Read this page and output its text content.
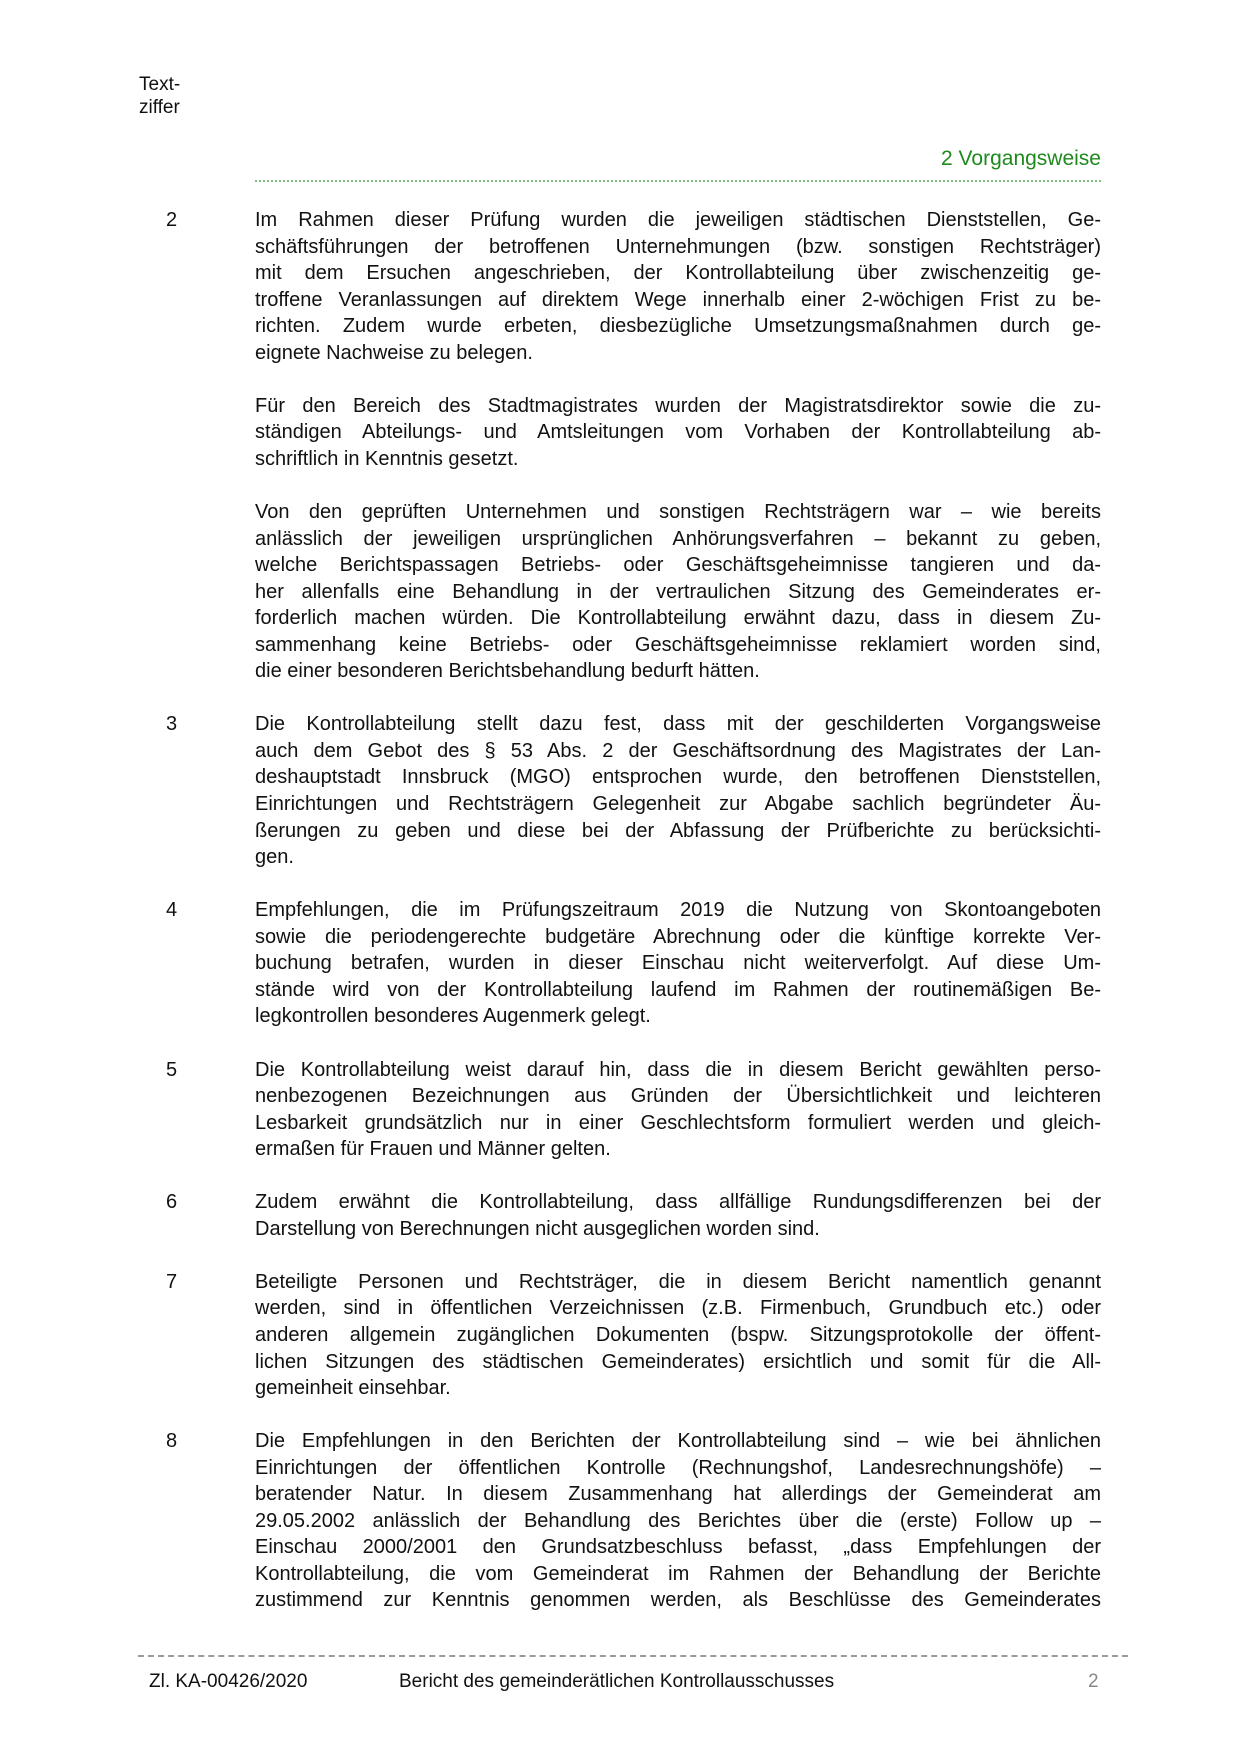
Text-
ziffer
2 Vorgangsweise
2	Im Rahmen dieser Prüfung wurden die jeweiligen städtischen Dienststellen, Ge-
schäftsführungen der betroffenen Unternehmungen (bzw. sonstigen Rechtsträger)
mit dem Ersuchen angeschrieben, der Kontrollabteilung über zwischenzeitig ge-
troffene Veranlassungen auf direktem Wege innerhalb einer 2-wöchigen Frist zu be-
richten. Zudem wurde erbeten, diesbezügliche Umsetzungsmaßnahmen durch ge-
eignete Nachweise zu belegen.
Für den Bereich des Stadtmagistrates wurden der Magistratsdirektor sowie die zu-
ständigen Abteilungs- und Amtsleitungen vom Vorhaben der Kontrollabteilung ab-
schriftlich in Kenntnis gesetzt.
Von den geprüften Unternehmen und sonstigen Rechtsträgern war – wie bereits
anlässlich der jeweiligen ursprünglichen Anhörungsverfahren – bekannt zu geben,
welche Berichtspassagen Betriebs- oder Geschäftsgeheimnisse tangieren und da-
her allenfalls eine Behandlung in der vertraulichen Sitzung des Gemeinderates er-
forderlich machen würden. Die Kontrollabteilung erwähnt dazu, dass in diesem Zu-
sammenhang keine Betriebs- oder Geschäftsgeheimnisse reklamiert worden sind,
die einer besonderen Berichtsbehandlung bedurft hätten.
3	Die Kontrollabteilung stellt dazu fest, dass mit der geschilderten Vorgangsweise
auch dem Gebot des § 53 Abs. 2 der Geschäftsordnung des Magistrates der Lan-
deshauptstadt Innsbruck (MGO) entsprochen wurde, den betroffenen Dienststellen,
Einrichtungen und Rechtsträgern Gelegenheit zur Abgabe sachlich begründeter Äu-
ßerungen zu geben und diese bei der Abfassung der Prüfberichte zu berücksichti-
gen.
4	Empfehlungen, die im Prüfungszeitraum 2019 die Nutzung von Skontoangeboten
sowie die periodengerechte budgetäre Abrechnung oder die künftige korrekte Ver-
buchung betrafen, wurden in dieser Einschau nicht weiterverfolgt. Auf diese Um-
stände wird von der Kontrollabteilung laufend im Rahmen der routinemäßigen Be-
legkontrollen besonderes Augenmerk gelegt.
5	Die Kontrollabteilung weist darauf hin, dass die in diesem Bericht gewählten perso-
nenbezogenen Bezeichnungen aus Gründen der Übersichtlichkeit und leichteren
Lesbarkeit grundsätzlich nur in einer Geschlechtsform formuliert werden und gleich-
ermaßen für Frauen und Männer gelten.
6	Zudem erwähnt die Kontrollabteilung, dass allfällige Rundungsdifferenzen bei der
Darstellung von Berechnungen nicht ausgeglichen worden sind.
7	Beteiligte Personen und Rechtsträger, die in diesem Bericht namentlich genannt
werden, sind in öffentlichen Verzeichnissen (z.B. Firmenbuch, Grundbuch etc.) oder
anderen allgemein zugänglichen Dokumenten (bspw. Sitzungsprotokolle der öffent-
lichen Sitzungen des städtischen Gemeinderates) ersichtlich und somit für die All-
gemeinheit einsehbar.
8	Die Empfehlungen in den Berichten der Kontrollabteilung sind – wie bei ähnlichen
Einrichtungen der öffentlichen Kontrolle (Rechnungshof, Landesrechnungshöfe) –
beratender Natur. In diesem Zusammenhang hat allerdings der Gemeinderat am
29.05.2002 anlässlich der Behandlung des Berichtes über die (erste) Follow up –
Einschau 2000/2001 den Grundsatzbeschluss befasst, „dass Empfehlungen der
Kontrollabteilung, die vom Gemeinderat im Rahmen der Behandlung der Berichte
zustimmend zur Kenntnis genommen werden, als Beschlüsse des Gemeinderates
Zl. KA-00426/2020	Bericht des gemeinderätlichen Kontrollausschusses	2
